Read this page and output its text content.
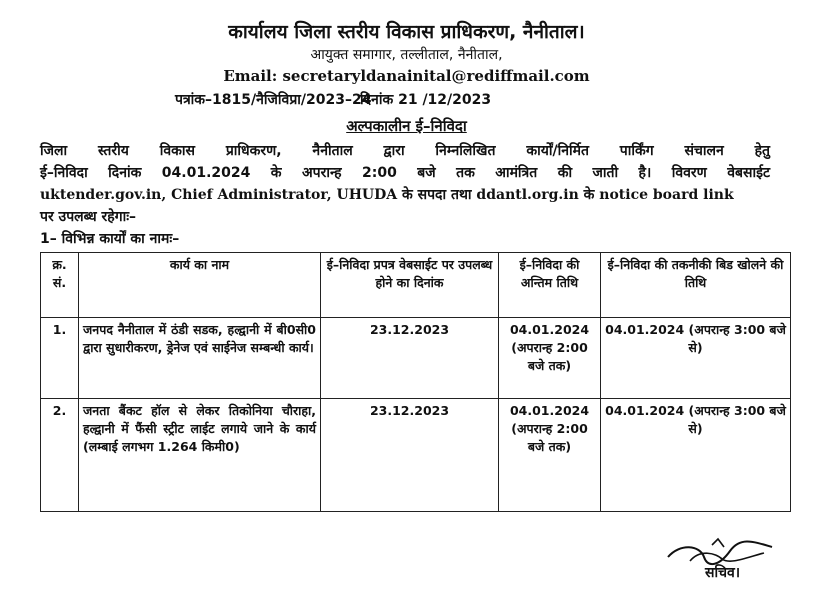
कार्यालय जिला स्तरीय विकास प्राधिकरण, नैनीताल।
आयुक्त समागार, तल्लीताल, नैनीताल,
Email: secretaryldanainital@rediffmail.com
पत्रांक–1815/नैजिविप्रा/2023–24
दिनांक 21 /12/2023
अल्पकालीन ई–निविदा

जिला स्तरीय विकास प्राधिकरण, नैनीताल द्वारा निम्नलिखित कार्यों/निर्मित पार्किंग संचालन हेतु

ई–निविदा दिनांक 04.01.2024 के अपरान्ह 2:00 बजे तक आमंत्रित की जाती है। विवरण वेबसाईट

uktender.gov.in, Chief Administrator, UHUDA के सपदा तथा ddantl.org.in के notice board link

पर उपलब्ध रहेगाः–

1– विभिन्न कार्यों का नामः–
क्र. सं.	कार्य का नाम	ई–निविदा प्रपत्र वेबसाईट पर उपलब्ध होने का दिनांक	ई–निविदा की अन्तिम तिथि	ई–निविदा की तकनीकी बिड खोलने की तिथि
1.	जनपद नैनीताल में ठंडी सडक, हल्द्वानी में बी0सी0 द्वारा सुधारीकरण, ड्रेनेज एवं साईनेज सम्बन्धी कार्य।	23.12.2023	04.01.2024 (अपरान्ह 2:00 बजे तक)	04.01.2024 (अपरान्ह 3:00 बजे से)
2.	जनता बैंकट हॉल से लेकर तिकोनिया चौराहा, हल्द्वानी में फैंसी स्ट्रीट लाईट लगाये जाने के कार्य (लम्बाई लगभग 1.264 किमी0)	23.12.2023	04.01.2024 (अपरान्ह 2:00 बजे तक)	04.01.2024 (अपरान्ह 3:00 बजे से)
सचिव।
